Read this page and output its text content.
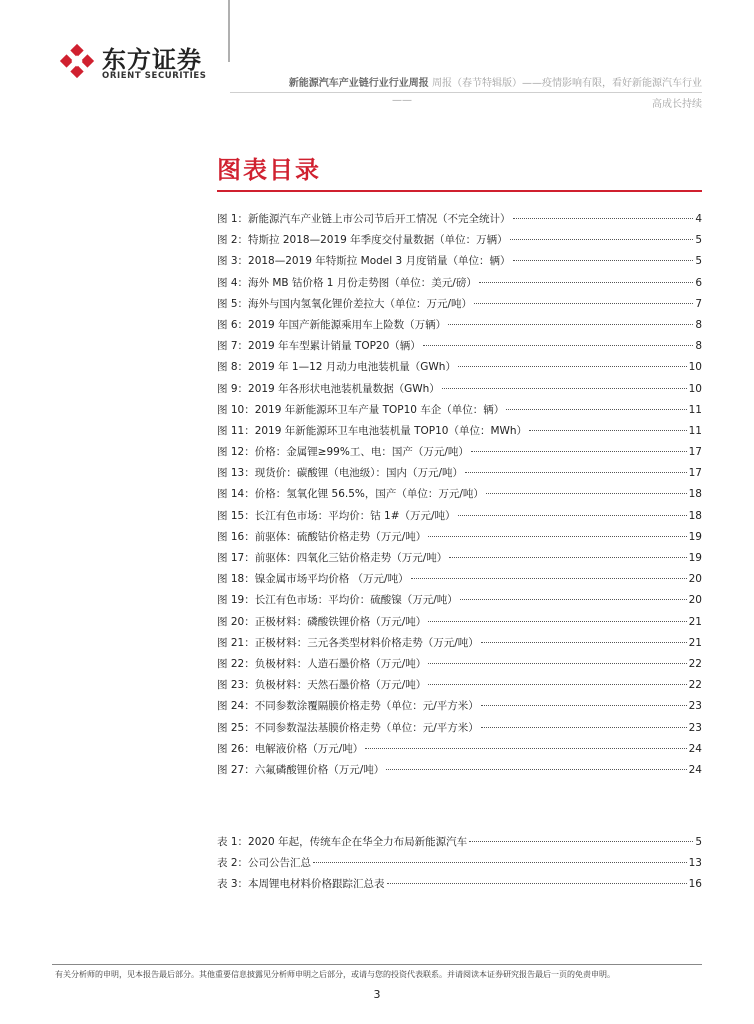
东方证券
ORIENT SECURITIES
新能源汽车产业链行业行业周报 周报（春节特辑版）——疫情影响有限，看好新能源汽车行业
——	高成长持续
图表目录
图 1：新能源汽车产业链上市公司节后开工情况（不完全统计）	4
图 2：特斯拉 2018—2019 年季度交付量数据（单位：万辆）	5
图 3：2018—2019 年特斯拉 Model 3 月度销量（单位：辆）	5
图 4：海外 MB 钴价格 1 月份走势图（单位：美元/磅）	6
图 5：海外与国内氢氧化锂价差拉大（单位：万元/吨）	7
图 6：2019 年国产新能源乘用车上险数（万辆）	8
图 7：2019 年车型累计销量 TOP20（辆）	8
图 8：2019 年 1—12 月动力电池装机量（GWh）	10
图 9：2019 年各形状电池装机量数据（GWh）	10
图 10：2019 年新能源环卫车产量 TOP10 车企（单位：辆）	11
图 11：2019 年新能源环卫车电池装机量 TOP10（单位：MWh）	11
图 12：价格：金属锂≥99%工、电：国产（万元/吨）	17
图 13：现货价：碳酸锂（电池级）：国内（万元/吨）	17
图 14：价格：氢氧化锂 56.5%，国产（单位：万元/吨）	18
图 15：长江有色市场：平均价：钴 1#（万元/吨）	18
图 16：前驱体：硫酸钴价格走势（万元/吨）	19
图 17：前驱体：四氧化三钴价格走势（万元/吨）	19
图 18：镍金属市场平均价格 （万元/吨）	20
图 19：长江有色市场：平均价：硫酸镍（万元/吨）	20
图 20：正极材料：磷酸铁锂价格（万元/吨）	21
图 21：正极材料：三元各类型材料价格走势（万元/吨）	21
图 22：负极材料：人造石墨价格（万元/吨）	22
图 23：负极材料：天然石墨价格（万元/吨）	22
图 24：不同参数涂覆隔膜价格走势（单位：元/平方米）	23
图 25：不同参数湿法基膜价格走势（单位：元/平方米）	23
图 26：电解液价格（万元/吨）	24
图 27：六氟磷酸锂价格（万元/吨）	24
表 1：2020 年起，传统车企在华全力布局新能源汽车	5
表 2：公司公告汇总	13
表 3：本周锂电材料价格跟踪汇总表	16
有关分析师的申明，见本报告最后部分。其他重要信息披露见分析师申明之后部分，或请与您的投资代表联系。并请阅读本证券研究报告最后一页的免责申明。
3
